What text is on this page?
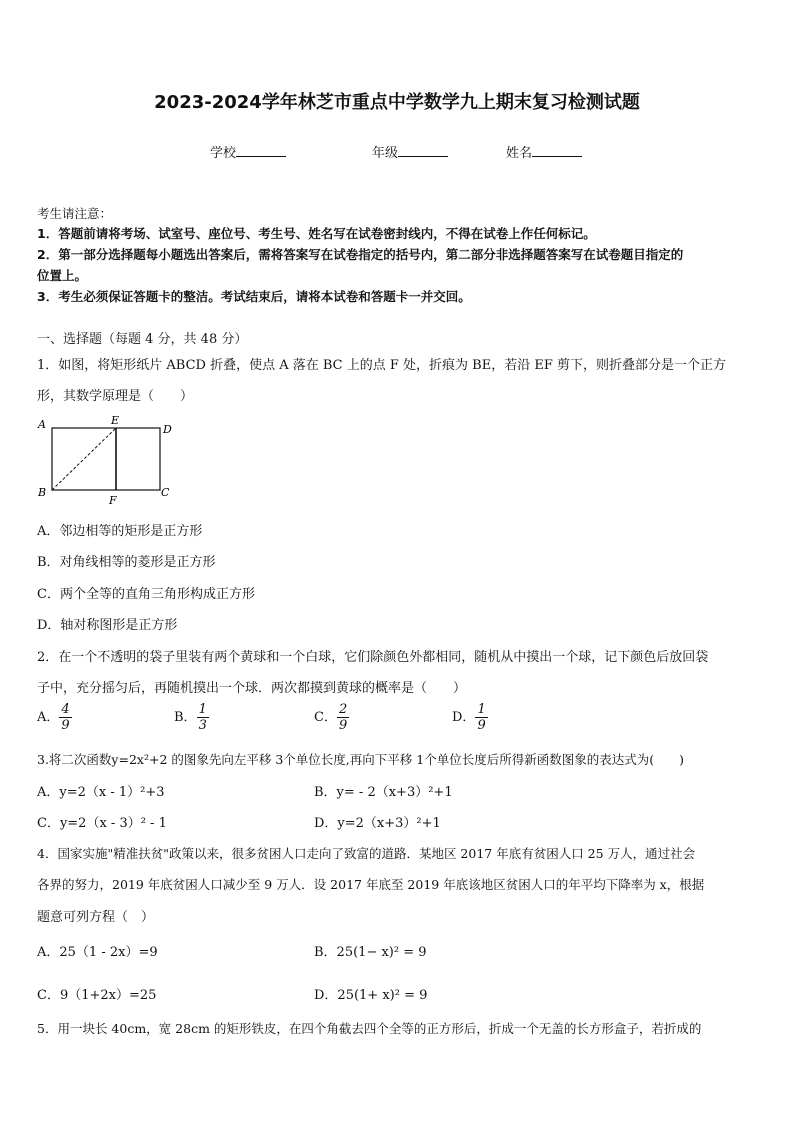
2023-2024学年林芝市重点中学数学九上期末复习检测试题
学校	年级	姓名
考生请注意：
1．答题前请将考场、试室号、座位号、考生号、姓名写在试卷密封线内，不得在试卷上作任何标记。
2．第一部分选择题每小题选出答案后，需将答案写在试卷指定的括号内，第二部分非选择题答案写在试卷题目指定的
位置上。
3．考生必须保证答题卡的整洁。考试结束后，请将本试卷和答题卡一并交回。
一、选择题（每题 4 分，共 48 分）
1．如图，将矩形纸片 ABCD 折叠，使点 A 落在 BC 上的点 F 处，折痕为 BE，若沿 EF 剪下，则折叠部分是一个正方
形，其数学原理是（　　）
A	E
D
B
F
C
A．邻边相等的矩形是正方形
B．对角线相等的菱形是正方形
C．两个全等的直角三角形构成正方形
D．轴对称图形是正方形
2．在一个不透明的袋子里装有两个黄球和一个白球，它们除颜色外都相同，随机从中摸出一个球，记下颜色后放回袋
子中，充分摇匀后，再随机摸出一个球．两次都摸到黄球的概率是（　　）
A． $\frac{4}{9}$	B． $\frac{1}{3}$	C． $\frac{2}{9}$	D． $\frac{1}{9}$
3.将二次函数y=2x²+2 的图象先向左平移 3个单位长度,再向下平移 1个单位长度后所得新函数图象的表达式为(　　)
A．y=2（x - 1）²+3	B．y= - 2（x+3）²+1
C．y=2（x - 3）² - 1	D．y=2（x+3）²+1
4．国家实施"精准扶贫"政策以来，很多贫困人口走向了致富的道路．某地区 2017 年底有贫困人口 25 万人，通过社会
各界的努力，2019 年底贫困人口减少至 9 万人．设 2017 年底至 2019 年底该地区贫困人口的年平均下降率为 x，根据
题意可列方程（　）
A．25（1 - 2x）=9	B．25(1− x)² = 9
C．9（1+2x）=25	D．25(1+ x)² = 9
5．用一块长 40cm，宽 28cm 的矩形铁皮，在四个角截去四个全等的正方形后，折成一个无盖的长方形盒子，若折成的
